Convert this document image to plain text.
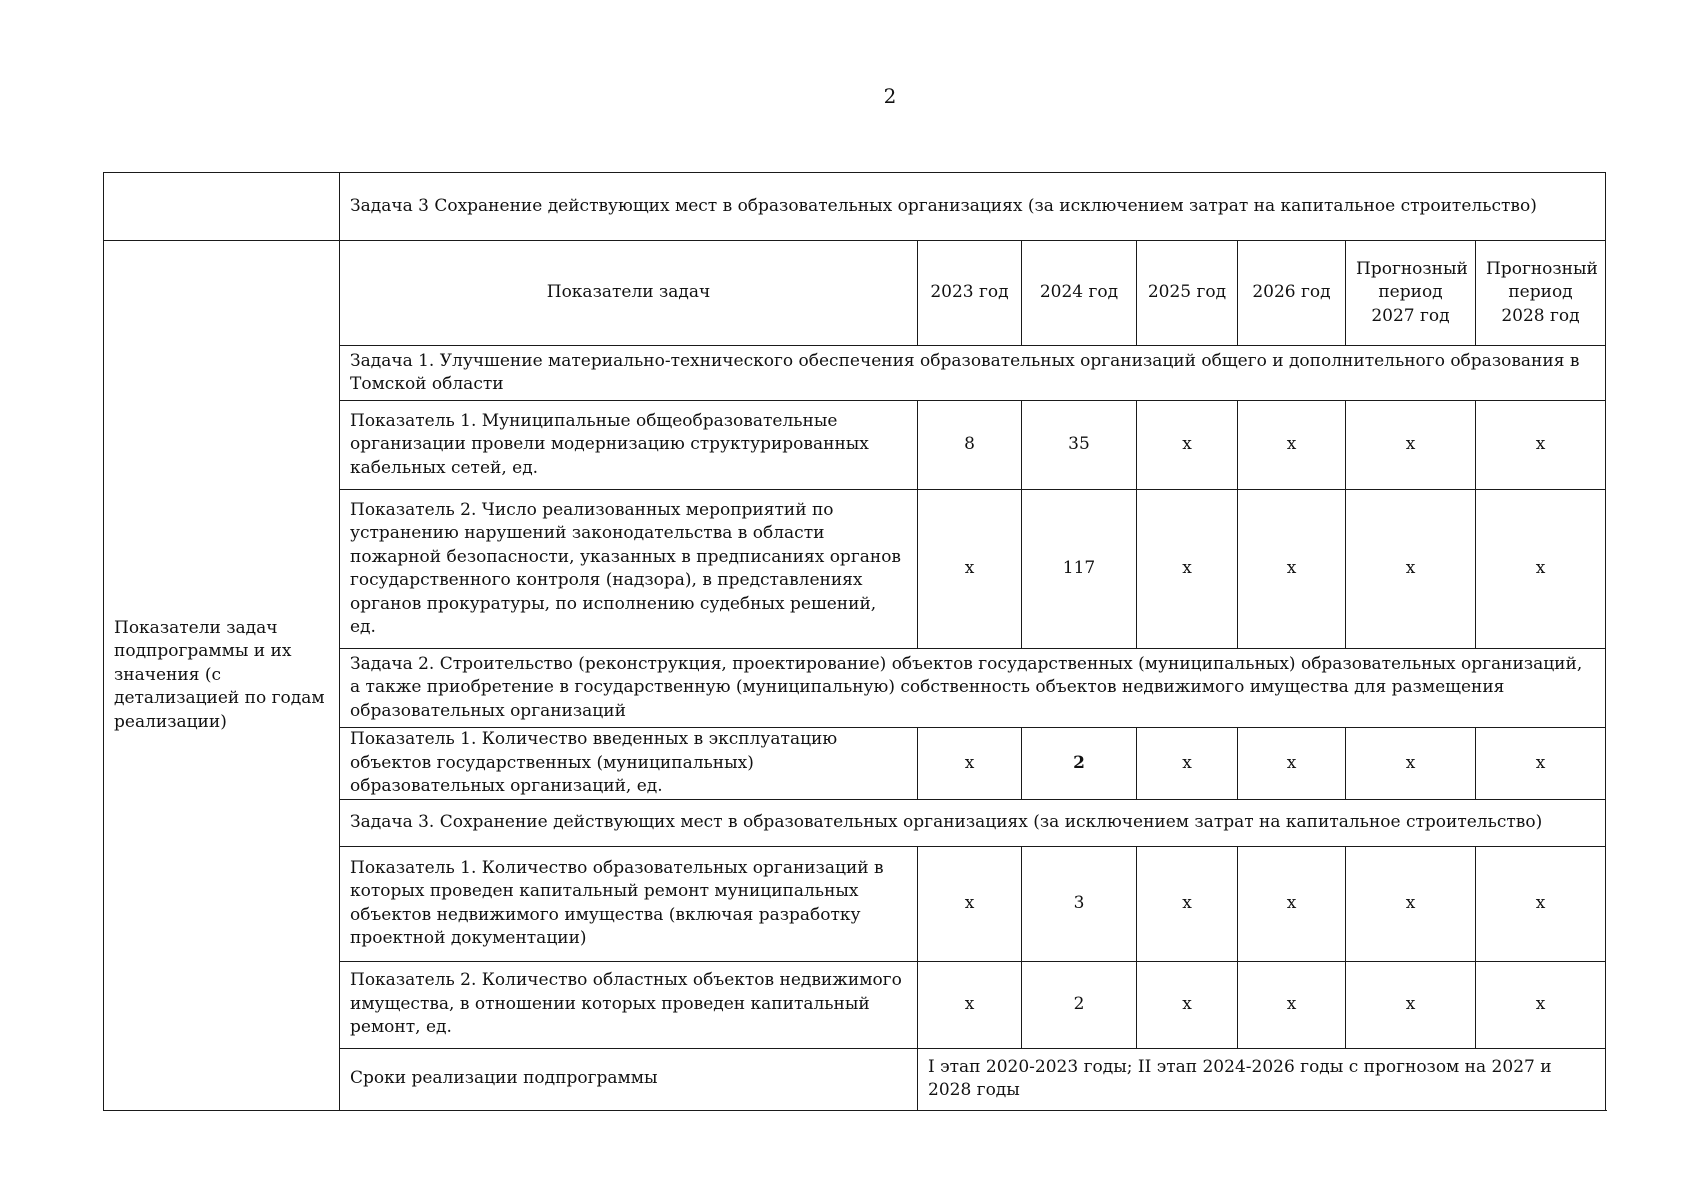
2
	Задача 3 Сохранение действующих мест в образовательных организациях (за исключением затрат на капитальное строительство)						
Показатели задач подпрограммы и их значения (с детализацией по годам реализации)	Показатели задач	2023 год	2024 год	2025 год	2026 год	Прогнозный период 2027 год	Прогнозный период 2028 год
	Задача 1. Улучшение материально-технического обеспечения образовательных организаций общего и дополнительного образования в Томской области						
	Показатель 1. Муниципальные общеобразовательные организации провели модернизацию структурированных кабельных сетей, ед.	8	35	x	x	x	x
	Показатель 2. Число реализованных мероприятий по устранению нарушений законодательства в области пожарной безопасности, указанных в предписаниях органов государственного контроля (надзора), в представлениях органов прокуратуры, по исполнению судебных решений, ед.	x	117	x	x	x	x
	Задача 2. Строительство (реконструкция, проектирование) объектов государственных (муниципальных) образовательных организаций, а также приобретение в государственную (муниципальную) собственность объектов недвижимого имущества для размещения образовательных организаций						
	Показатель 1. Количество введенных в эксплуатацию объектов государственных (муниципальных) образовательных организаций, ед.	x	2	x	x	x	x
	Задача 3. Сохранение действующих мест в образовательных организациях (за исключением затрат на капитальное строительство)						
	Показатель 1. Количество образовательных организаций в которых проведен капитальный ремонт муниципальных объектов недвижимого имущества (включая разработку проектной документации)	x	3	x	x	x	x
	Показатель 2. Количество областных объектов недвижимого имущества, в отношении которых проведен капитальный ремонт, ед.	x	2	x	x	x	x
	Сроки реализации подпрограммы	I этап 2020-2023 годы; II этап 2024-2026 годы с прогнозом на 2027 и 2028 годы					
